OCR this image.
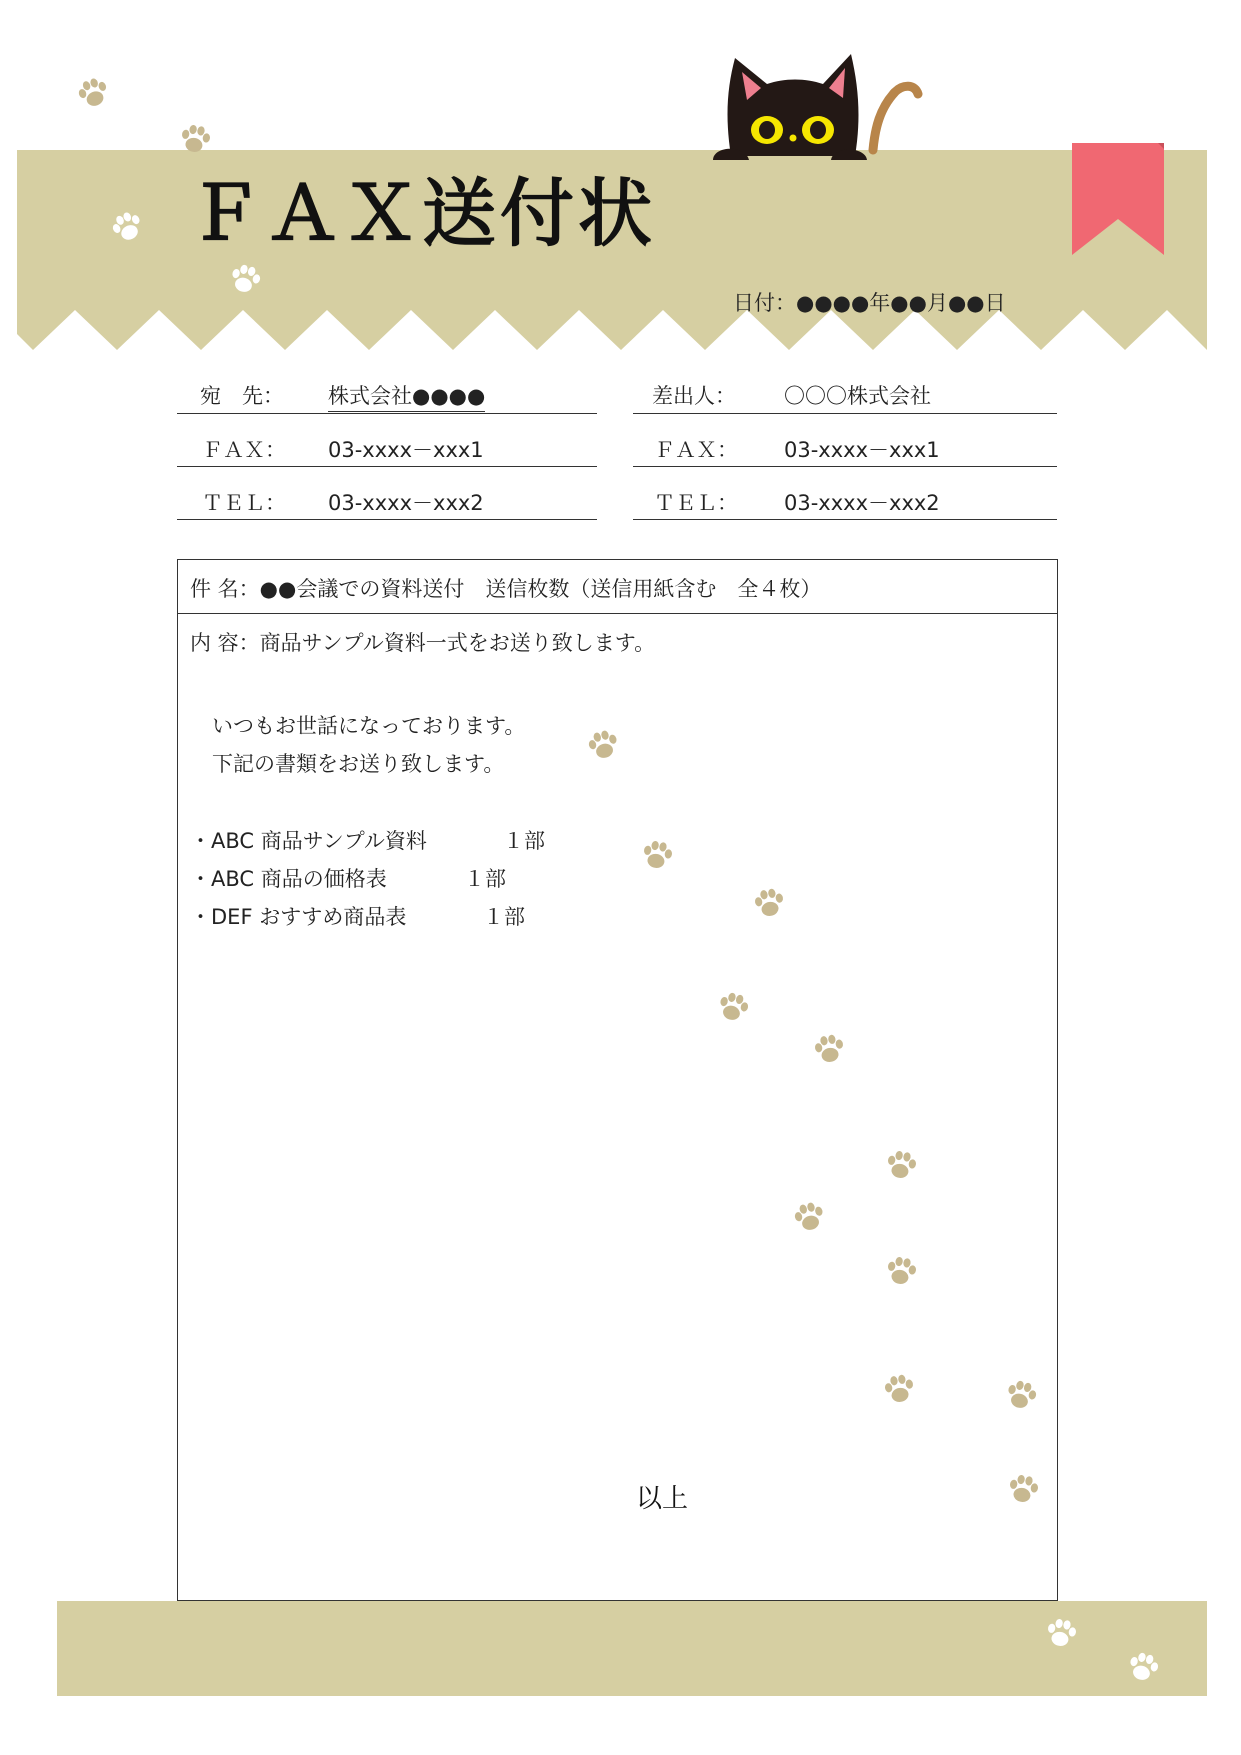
ＦＡＸ送付状
日付：●●●●年●●月●●日
宛　先： 株式会社●●●●
ＦＡＸ： 03-xxxx－xxx1
ＴＥＬ： 03-xxxx－xxx2
差出人： 〇〇〇株式会社
ＦＡＸ： 03-xxxx－xxx1
ＴＥＬ： 03-xxxx－xxx2
件 名：●●会議での資料送付　送信枚数（送信用紙含む　全４枚）
内 容：商品サンプル資料一式をお送り致します。
いつもお世話になっております。
下記の書類をお送り致します。
・ABC 商品サンプル資料	１部
・ABC 商品の価格表	１部
・DEF おすすめ商品表	１部
以上
